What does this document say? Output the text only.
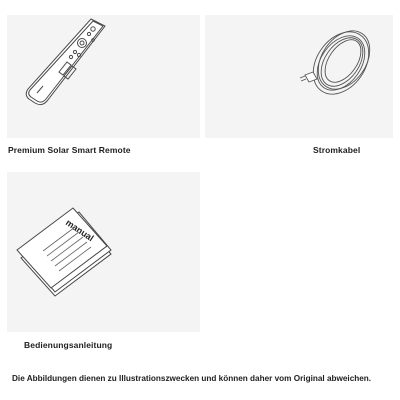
Premium Solar Smart Remote	Stromkabel
manual
Bedienungsanleitung
Die Abbildungen dienen zu Illustrationszwecken und können daher vom Original abweichen.
